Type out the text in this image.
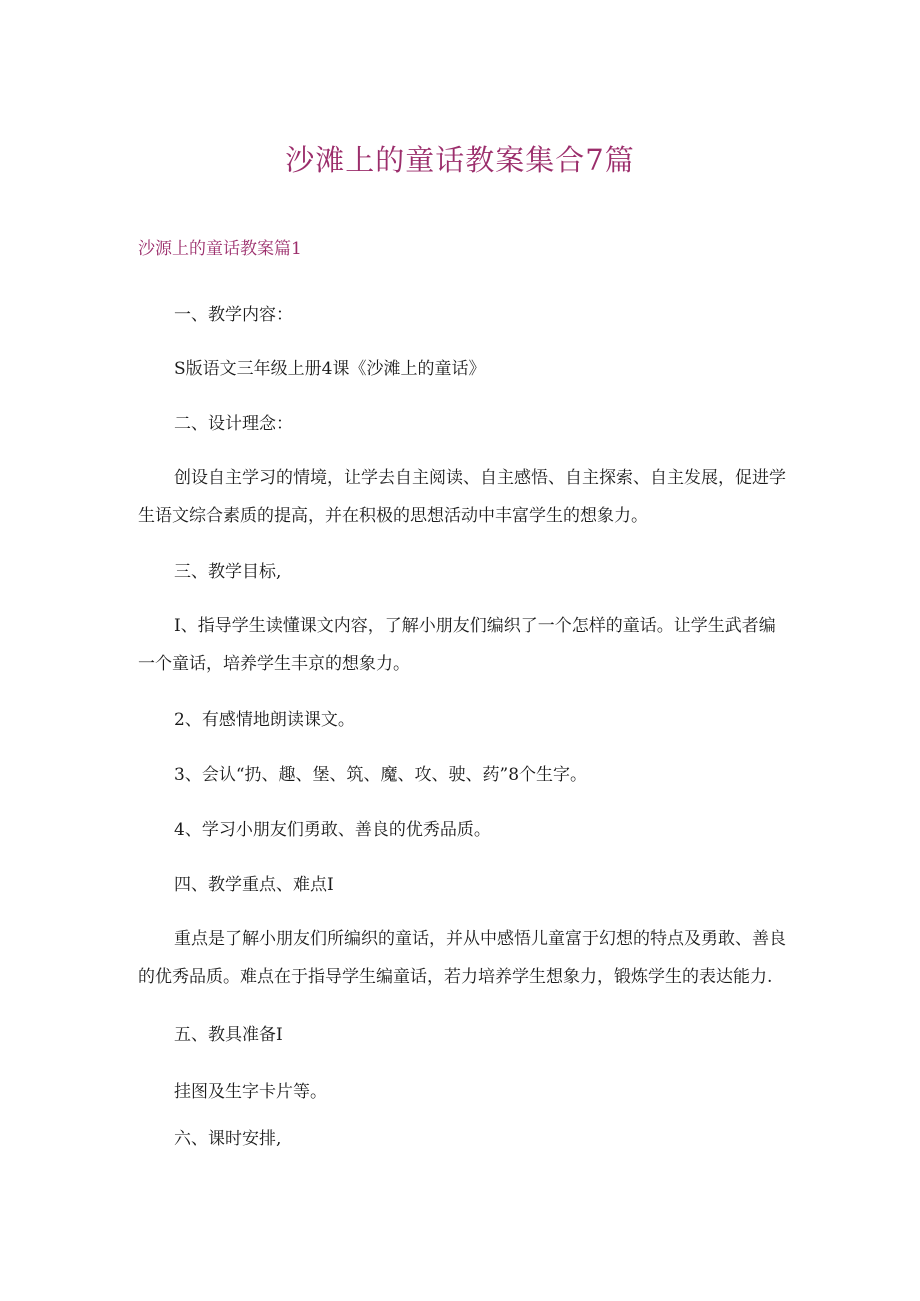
沙滩上的童话教案集合7篇
沙源上的童话教案篇1
一、教学内容：
S版语文三年级上册4课《沙滩上的童话》
二、设计理念：
创设自主学习的情境，让学去自主阅读、自主感悟、自主探索、自主发展，促进学生语文综合素质的提高，并在积极的思想活动中丰富学生的想象力。
三、教学目标,
I、指导学生读懂课文内容，了解小朋友们编织了一个怎样的童话。让学生武者编一个童话，培养学生丰京的想象力。
2、有感情地朗读课文。
3、会认“扔、趣、堡、筑、魔、攻、驶、药”8个生字。
4、学习小朋友们勇敢、善良的优秀品质。
四、教学重点、难点I
重点是了解小朋友们所编织的童话，并从中感悟儿童富于幻想的特点及勇敢、善良的优秀品质。难点在于指导学生编童话，若力培养学生想象力，锻炼学生的表达能力.
五、教具准备I
挂图及生字卡片等。
六、课时安排,
